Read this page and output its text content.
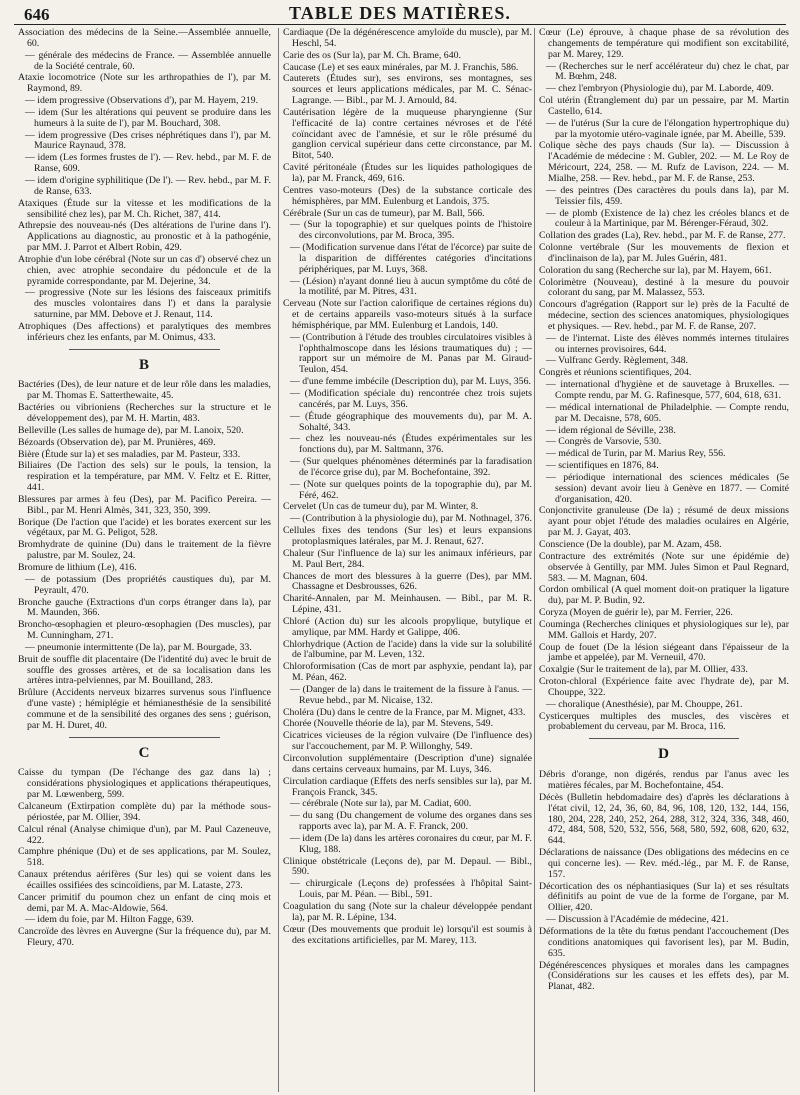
646	TABLE DES MATIÈRES.

Association des médecins de la Seine.—Assemblée annuelle, 60.

— générale des médecins de France. — Assemblée annuelle de la Société centrale, 60.

Ataxie locomotrice (Note sur les arthropathies de l'), par M. Raymond, 89.

— idem progressive (Observations d'), par M. Hayem, 219.

— idem (Sur les altérations qui peuvent se produire dans les humeurs à la suite de l'), par M. Bouchard, 308.

— idem progressive (Des crises néphrétiques dans l'), par M. Maurice Raynaud, 378.

— idem (Les formes frustes de l'). — Rev. hebd., par M. F. de Ranse, 609.

— idem d'origine syphilitique (De l'). — Rev. hebd., par M. F. de Ranse, 633.

Ataxiques (Étude sur la vitesse et les modifications de la sensibilité chez les), par M. Ch. Richet, 387, 414.

Athrepsie des nouveau-nés (Des altérations de l'urine dans l'). Applications au diagnostic, au pronostic et à la pathogénie, par MM. J. Parrot et Albert Robin, 429.

Atrophie d'un lobe cérébral (Note sur un cas d') observé chez un chien, avec atrophie secondaire du pédoncule et de la pyramide correspondante, par M. Dejerine, 34.

— progressive (Note sur les lésions des faisceaux primitifs des muscles volontaires dans l') et dans la paralysie saturnine, par MM. Debove et J. Renaut, 114.

Atrophiques (Des affections) et paralytiques des membres inférieurs chez les enfants, par M. Onimus, 433.

B

Bactéries (Des), de leur nature et de leur rôle dans les maladies, par M. Thomas E. Satterthewaite, 45.

Bactéries ou vibrioniens (Recherches sur la structure et le développement des), par M. H. Martin, 483.

Belleville (Les salles de humage de), par M. Lanoix, 520.

Bézoards (Observation de), par M. Prunières, 469.

Bière (Étude sur la) et ses maladies, par M. Pasteur, 333.

Biliaires (De l'action des sels) sur le pouls, la tension, la respiration et la température, par MM. V. Feltz et E. Ritter, 441.

Blessures par armes à feu (Des), par M. Pacifico Pereira. — Bibl., par M. Henri Almès, 341, 323, 350, 399.

Borique (De l'action que l'acide) et les borates exercent sur les végétaux, par M. G. Peligot, 528.

Bromhydrate de quinine (Du) dans le traitement de la fièvre palustre, par M. Soulez, 24.

Bromure de lithium (Le), 416.

— de potassium (Des propriétés caustiques du), par M. Peyrault, 470.

Bronche gauche (Extractions d'un corps étranger dans la), par M. Maunden, 366.

Broncho-œsophagien et pleuro-œsophagien (Des muscles), par M. Cunningham, 271.

— pneumonie intermittente (De la), par M. Bourgade, 33.

Bruit de souffle dit placentaire (De l'identité du) avec le bruit de souffle des grosses artères, et de sa localisation dans les artères intra-pelviennes, par M. Bouilland, 283.

Brûlure (Accidents nerveux bizarres survenus sous l'influence d'une vaste) ; hémiplégie et hémianesthésie de la sensibilité commune et de la sensibilité des organes des sens ; guérison, par M. H. Duret, 40.

C

Caisse du tympan (De l'échange des gaz dans la) ; considérations physiologiques et applications thérapeutiques, par M. Lœwenberg, 599.

Calcaneum (Extirpation complète du) par la méthode sous-périostée, par M. Ollier, 394.

Calcul rénal (Analyse chimique d'un), par M. Paul Cazeneuve, 422.

Camphre phénique (Du) et de ses applications, par M. Soulez, 518.

Canaux prétendus aérifères (Sur les) qui se voient dans les écailles ossifiées des scincoïdiens, par M. Lataste, 273.

Cancer primitif du poumon chez un enfant de cinq mois et demi, par M. A. Mac-Aldowie, 564.

— idem du foie, par M. Hilton Fagge, 639.

Cancroïde des lèvres en Auvergne (Sur la fréquence du), par M. Fleury, 470.

Cardiaque (De la dégénérescence amyloïde du muscle), par M. Heschl, 54.

Carie des os (Sur la), par M. Ch. Brame, 640.

Caucase (Le) et ses eaux minérales, par M. J. Franchis, 586.

Cauterets (Études sur), ses environs, ses montagnes, ses sources et leurs applications médicales, par M. C. Sénac-Lagrange. — Bibl., par M. J. Arnould, 84.

Cautérisation légère de la muqueuse pharyngienne (Sur l'efficacité de la) contre certaines névroses et de l'été coïncidant avec de l'amnésie, et sur le rôle présumé du ganglion cervical supérieur dans cette circonstance, par M. Bitot, 540.

Cavité péritonéale (Études sur les liquides pathologiques de la), par M. Franck, 469, 616.

Centres vaso-moteurs (Des) de la substance corticale des hémisphères, par MM. Eulenburg et Landois, 375.

Cérébrale (Sur un cas de tumeur), par M. Ball, 566.

— (Sur la topographie) et sur quelques points de l'histoire des circonvolutions, par M. Broca, 395.

— (Modification survenue dans l'état de l'écorce) par suite de la disparition de différentes catégories d'incitations périphériques, par M. Luys, 368.

— (Lésion) n'ayant donné lieu à aucun symptôme du côté de la motilité, par M. Pitres, 431.

Cerveau (Note sur l'action calorifique de certaines régions du) et de certains appareils vaso-moteurs situés à la surface hémisphérique, par MM. Eulenburg et Landois, 140.

— (Contribution à l'étude des troubles circulatoires visibles à l'ophthalmoscope dans les lésions traumatiques du) ; — rapport sur un mémoire de M. Panas par M. Giraud-Teulon, 454.

— d'une femme imbécile (Description du), par M. Luys, 356.

— (Modification spéciale du) rencontrée chez trois sujets cancérés, par M. Luys, 356.

— (Étude géographique des mouvements du), par M. A. Sohalté, 343.

— chez les nouveau-nés (Études expérimentales sur les fonctions du), par M. Saltmann, 376.

— (Sur quelques phénomènes déterminés par la faradisation de l'écorce grise du), par M. Bochefontaine, 392.

— (Note sur quelques points de la topographie du), par M. Féré, 462.

Cervelet (Un cas de tumeur du), par M. Winter, 8.

— (Contribution à la physiologie du), par M. Nothnagel, 376.

Cellules fixes des tendons (Sur les) et leurs expansions protoplasmiques latérales, par M. J. Renaut, 627.

Chaleur (Sur l'influence de la) sur les animaux inférieurs, par M. Paul Bert, 284.

Chances de mort des blessures à la guerre (Des), par MM. Chassagne et Desbrousses, 626.

Charité-Annalen, par M. Meinhausen. — Bibl., par M. R. Lépine, 431.

Chloré (Action du) sur les alcools propylique, butylique et amylique, par MM. Hardy et Galippe, 406.

Chlorhydrique (Action de l'acide) dans la vide sur la solubilité de l'albumine, par M. Leven, 132.

Chloroformisation (Cas de mort par asphyxie, pendant la), par M. Péan, 462.

— (Danger de la) dans le traitement de la fissure à l'anus. — Revue hebd., par M. Nicaise, 132.

Choléra (Du) dans le centre de la France, par M. Mignet, 433.

Chorée (Nouvelle théorie de la), par M. Stevens, 549.

Cicatrices vicieuses de la région vulvaire (De l'influence des) sur l'accouchement, par M. P. Willonghy, 549.

Circonvolution supplémentaire (Description d'une) signalée dans certains cerveaux humains, par M. Luys, 346.

Circulation cardiaque (Effets des nerfs sensibles sur la), par M. François Franck, 345.

— cérébrale (Note sur la), par M. Cadiat, 600.

— du sang (Du changement de volume des organes dans ses rapports avec la), par M. A. F. Franck, 200.

— idem (De la) dans les artères coronaires du cœur, par M. F. Klug, 188.

Clinique obstétricale (Leçons de), par M. Depaul. — Bibl., 590.

— chirurgicale (Leçons de) professées à l'hôpital Saint-Louis, par M. Péan. — Bibl., 591.

Coagulation du sang (Note sur la chaleur développée pendant la), par M. R. Lépine, 134.

Cœur (Des mouvements que produit le) lorsqu'il est soumis à des excitations artificielles, par M. Marey, 113.

Cœur (Le) éprouve, à chaque phase de sa révolution des changements de température qui modifient son excitabilité, par M. Marey, 129.

— (Recherches sur le nerf accélérateur du) chez le chat, par M. Bœhm, 248.

— chez l'embryon (Physiologie du), par M. Laborde, 409.

Col utérin (Étranglement du) par un pessaire, par M. Martin Castello, 614.

— de l'utérus (Sur la cure de l'élongation hypertrophique du) par la myotomie utéro-vaginale ignée, par M. Abeille, 539.

Colique sèche des pays chauds (Sur la). — Discussion à l'Académie de médecine : M. Gubler, 202. — M. Le Roy de Méricourt, 224, 258. — M. Rufz de Lavison, 224. — M. Mialhe, 258. — Rev. hebd., par M. F. de Ranse, 253.

— des peintres (Des caractères du pouls dans la), par M. Teissier fils, 459.

— de plomb (Existence de la) chez les créoles blancs et de couleur à la Martinique, par M. Bérenger-Féraud, 302.

Collation des grades (La), Rev. hebd., par M. F. de Ranse, 277.

Colonne vertébrale (Sur les mouvements de flexion et d'inclinaison de la), par M. Jules Guérin, 481.

Coloration du sang (Recherche sur la), par M. Hayem, 661.

Colorimètre (Nouveau), destiné à la mesure du pouvoir colorant du sang, par M. Malassez, 553.

Concours d'agrégation (Rapport sur le) près de la Faculté de médecine, section des sciences anatomiques, physiologiques et physiques. — Rev. hebd., par M. F. de Ranse, 207.

— de l'internat. Liste des élèves nommés internes titulaires ou internes provisoires, 644.

— Vulfranc Gerdy. Règlement, 348.

Congrès et réunions scientifiques, 204.

— international d'hygiène et de sauvetage à Bruxelles. — Compte rendu, par M. G. Rafinesque, 577, 604, 618, 631.

— médical international de Philadelphie. — Compte rendu, par M. Decaisne, 578, 605.

— idem régional de Séville, 238.

— Congrès de Varsovie, 530.

— médical de Turin, par M. Marius Rey, 556.

— scientifiques en 1876, 84.

— périodique international des sciences médicales (5e session) devant avoir lieu à Genève en 1877. — Comité d'organisation, 420.

Conjonctivite granuleuse (De la) ; résumé de deux missions ayant pour objet l'étude des maladies oculaires en Algérie, par M. J. Gayat, 403.

Conscience (De la double), par M. Azam, 458.

Contracture des extrémités (Note sur une épidémie de) observée à Gentilly, par MM. Jules Simon et Paul Regnard, 583. — M. Magnan, 604.

Cordon ombilical (A quel moment doit-on pratiquer la ligature du), par M. P. Budin, 92.

Coryza (Moyen de guérir le), par M. Ferrier, 226.

Couminga (Recherches cliniques et physiologiques sur le), par MM. Gallois et Hardy, 207.

Coup de fouet (De la lésion siégeant dans l'épaisseur de la jambe et appelée), par M. Verneuil, 470.

Coxalgie (Sur le traitement de la), par M. Ollier, 433.

Croton-chloral (Expérience faite avec l'hydrate de), par M. Chouppe, 322.

— choralique (Anesthésie), par M. Chouppe, 261.

Cysticerques multiples des muscles, des viscères et probablement du cerveau, par M. Broca, 116.

D

Débris d'orange, non digérés, rendus par l'anus avec les matières fécales, par M. Bochefontaine, 454.

Décès (Bulletin hebdomadaire des) d'après les déclarations à l'état civil, 12, 24, 36, 60, 84, 96, 108, 120, 132, 144, 156, 180, 204, 228, 240, 252, 264, 288, 312, 324, 336, 348, 460, 472, 484, 508, 520, 532, 556, 568, 580, 592, 608, 620, 632, 644.

Déclarations de naissance (Des obligations des médecins en ce qui concerne les). — Rev. méd.-lég., par M. F. de Ranse, 157.

Décortication des os néphantiasiques (Sur la) et ses résultats définitifs au point de vue de la forme de l'organe, par M. Ollier, 420.

— Discussion à l'Académie de médecine, 421.

Déformations de la tête du fœtus pendant l'accouchement (Des conditions anatomiques qui favorisent les), par M. Budin, 635.

Dégénérescences physiques et morales dans les campagnes (Considérations sur les causes et les effets des), par M. Planat, 482.
